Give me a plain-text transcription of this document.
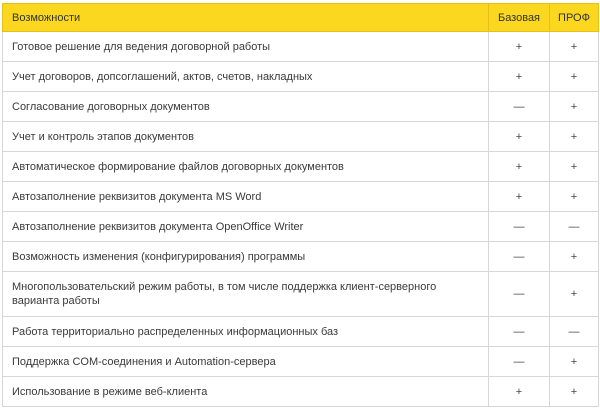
Возможности	Базовая	ПРОФ
Готовое решение для ведения договорной работы	+	+
Учет договоров, допсоглашений, актов, счетов, накладных	+	+
Согласование договорных документов	—	+
Учет и контроль этапов документов	+	+
Автоматическое формирование файлов договорных документов	+	+
Автозаполнение реквизитов документа MS Word	+	+
Автозаполнение реквизитов документа OpenOffice Writer	—	—
Возможность изменения (конфигурирования) программы	—	+
Многопользовательский режим работы, в том числе поддержка клиент-серверного варианта работы	—	+
Работа территориально распределенных информационных баз	—	—
Поддержка COM-соединения и Automation-сервера	—	+
Использование в режиме веб-клиента	+	+
